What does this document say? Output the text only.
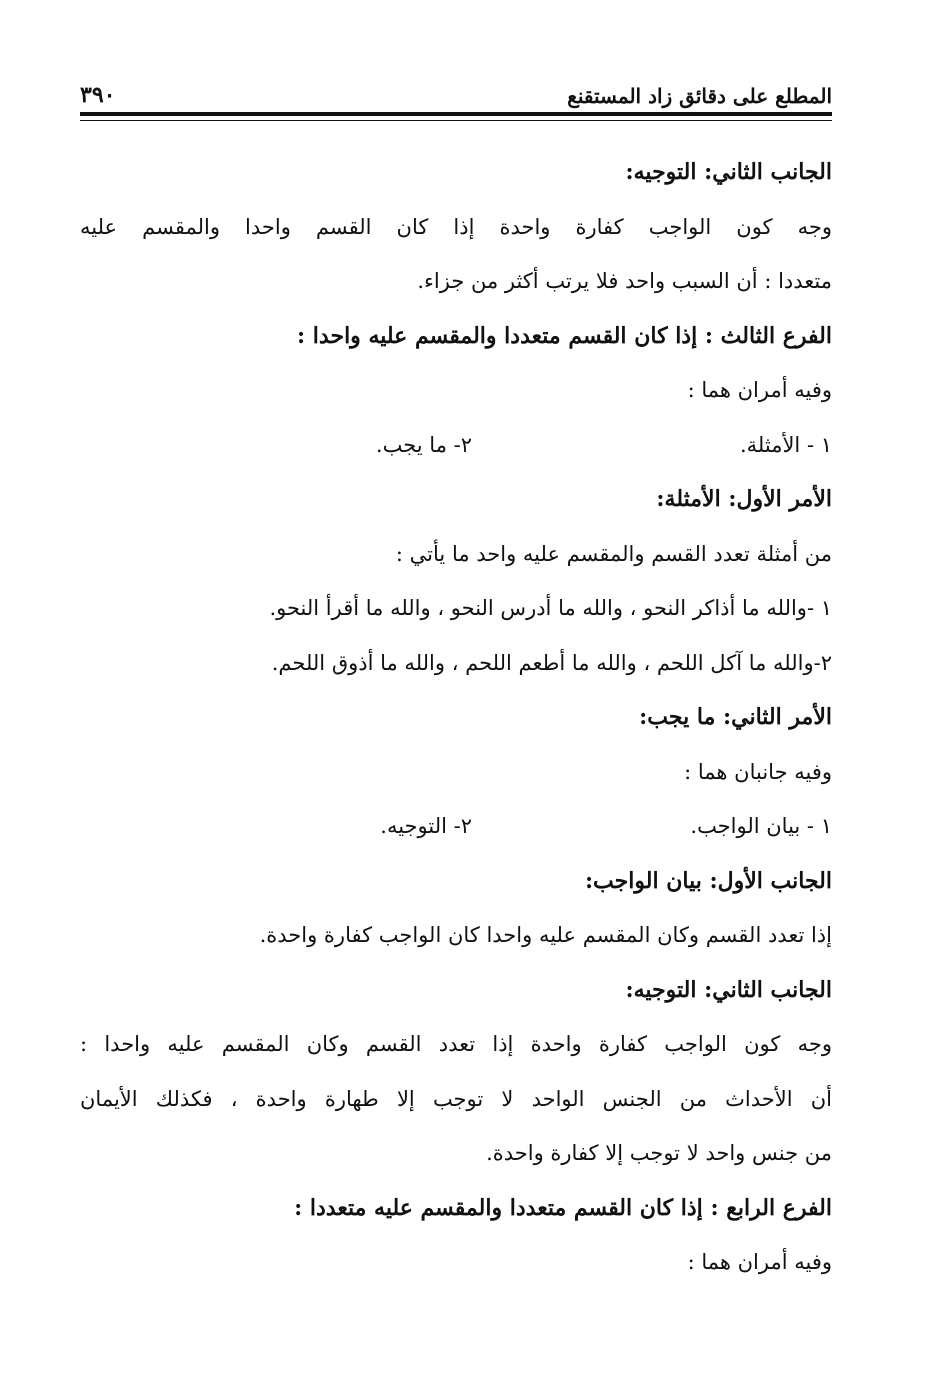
٣٩٠	المطلع على دقائق زاد المستقنع
الجانب الثاني: التوجيه:
وجه كون الواجب كفارة واحدة إذا كان القسم واحدا والمقسم عليه
متعددا : أن السبب واحد فلا يرتب أكثر من جزاء.
الفرع الثالث : إذا كان القسم متعددا والمقسم عليه واحدا :
وفيه أمران هما :
١ - الأمثلة.
٢- ما يجب.
الأمر الأول: الأمثلة:
من أمثلة تعدد القسم والمقسم عليه واحد ما يأتي :
١ -والله ما أذاكر النحو ، والله ما أدرس النحو ، والله ما أقرأ النحو.
٢-والله ما آكل اللحم ، والله ما أطعم اللحم ، والله ما أذوق اللحم.
الأمر الثاني: ما يجب:
وفيه جانبان هما :
١ - بيان الواجب.
٢- التوجيه.
الجانب الأول: بيان الواجب:
إذا تعدد القسم وكان المقسم عليه واحدا كان الواجب كفارة واحدة.
الجانب الثاني: التوجيه:
وجه كون الواجب كفارة واحدة إذا تعدد القسم وكان المقسم عليه واحدا :
أن الأحداث من الجنس الواحد لا توجب إلا طهارة واحدة ، فكذلك الأيمان
من جنس واحد لا توجب إلا كفارة واحدة.
الفرع الرابع : إذا كان القسم متعددا والمقسم عليه متعددا :
وفيه أمران هما :
